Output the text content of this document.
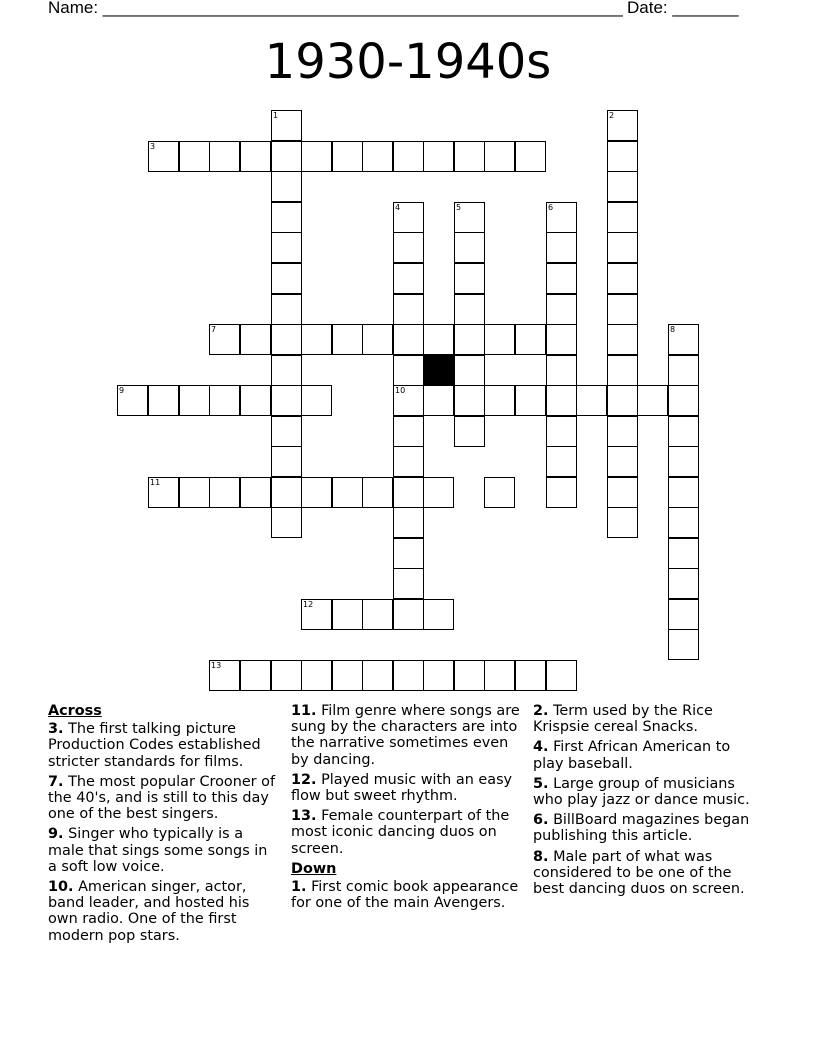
Name: _______________________________________________________ Date: _______
1930-1940s
1
3
2
4
10
5	6
7	8
9
11
12
13
Across
3. The first talking picture Production Codes established stricter standards for films.
7. The most popular Crooner of the 40's, and is still to this day one of the best singers.
9. Singer who typically is a male that sings some songs in a soft low voice.
10. American singer, actor, band leader, and hosted his own radio. One of the first modern pop stars.
11. Film genre where songs are sung by the characters are into the narrative sometimes even by dancing.
12. Played music with an easy flow but sweet rhythm.
13. Female counterpart of the most iconic dancing duos on screen.
Down
1. First comic book appearance for one of the main Avengers.
2. Term used by the Rice Krispsie cereal Snacks.
4. First African American to play baseball.
5. Large group of musicians who play jazz or dance music.
6. BillBoard magazines began publishing this article.
8. Male part of what was considered to be one of the best dancing duos on screen.
